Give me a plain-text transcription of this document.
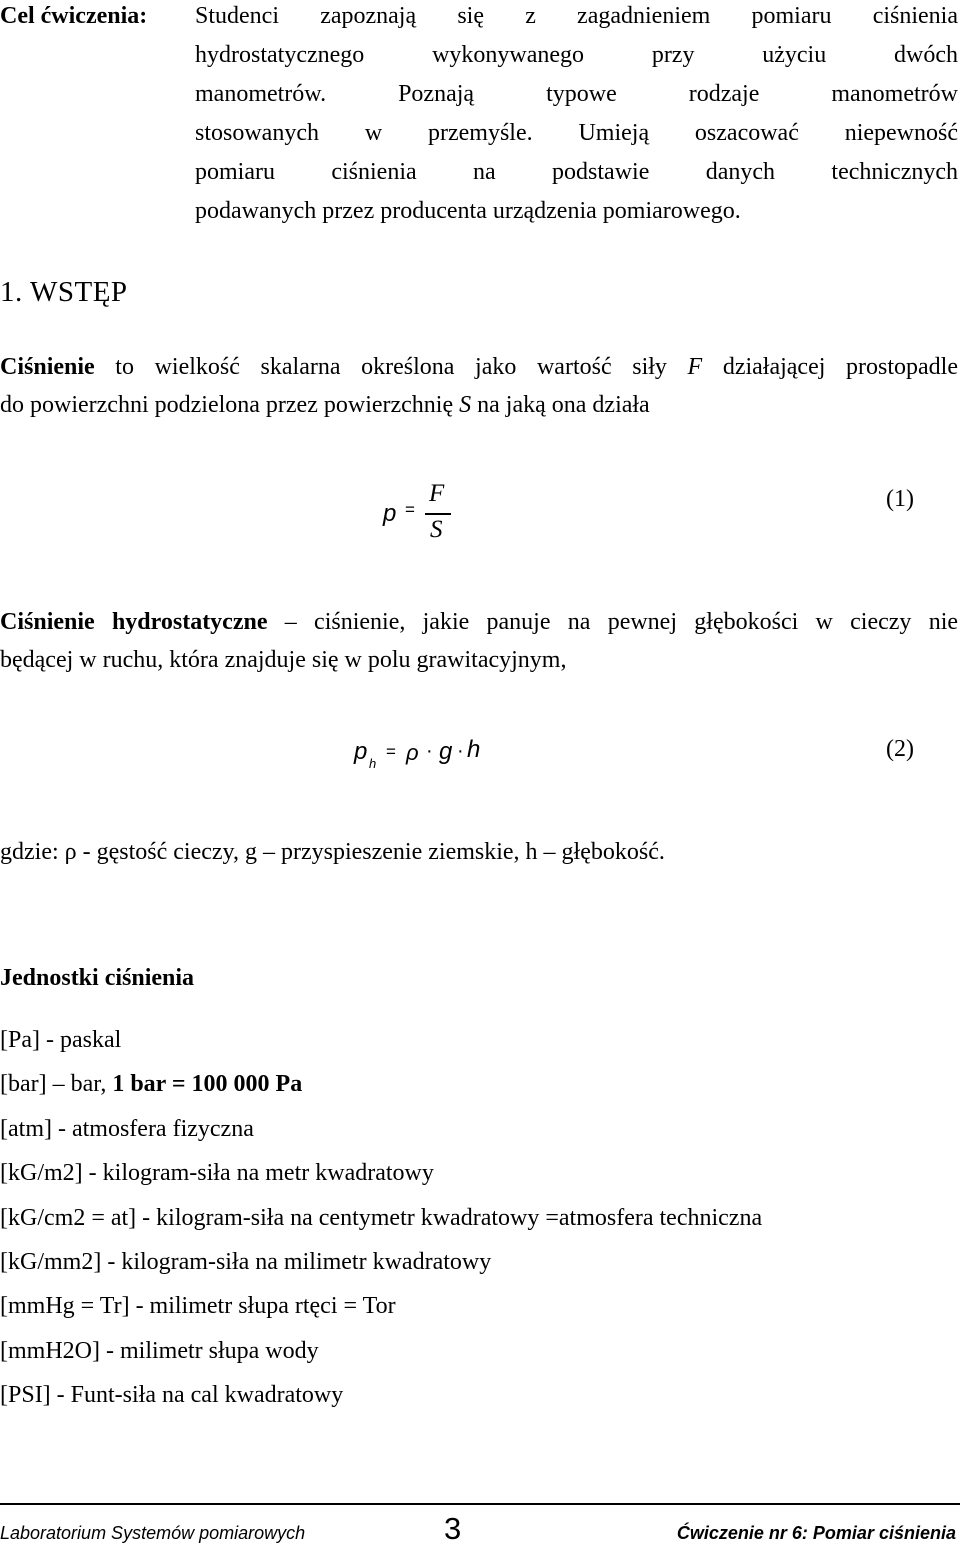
Cel ćwiczenia:	Studenci zapoznają się z zagadnieniem pomiaru ciśnienia
hydrostatycznego wykonywanego przy użyciu dwóch
manometrów. Poznają typowe rodzaje manometrów
stosowanych w przemyśle. Umieją oszacować niepewność
pomiaru ciśnienia na podstawie danych technicznych
podawanych przez producenta urządzenia pomiarowego.
1. WSTĘP
Ciśnienie to wielkość skalarna określona jako wartość siły F działającej prostopadle
do powierzchni podzielona przez powierzchnię S na jaką ona działa
p =
F
S
(1)
Ciśnienie hydrostatyczne – ciśnienie, jakie panuje na pewnej głębokości w cieczy nie
będącej w ruchu, która znajduje się w polu grawitacyjnym,
p h
= ρ · g · h	(2)
gdzie: ρ - gęstość cieczy, g – przyspieszenie ziemskie, h – głębokość.
Jednostki ciśnienia
[Pa] - paskal
[bar] – bar, 1 bar = 100 000 Pa
[atm] - atmosfera fizyczna
[kG/m2] - kilogram-siła na metr kwadratowy
[kG/cm2 = at] - kilogram-siła na centymetr kwadratowy =atmosfera techniczna
[kG/mm2] - kilogram-siła na milimetr kwadratowy
[mmHg = Tr] - milimetr słupa rtęci = Tor
[mmH2O] - milimetr słupa wody
[PSI] - Funt-siła na cal kwadratowy
Laboratorium Systemów pomiarowych	3	Ćwiczenie nr 6: Pomiar ciśnienia
